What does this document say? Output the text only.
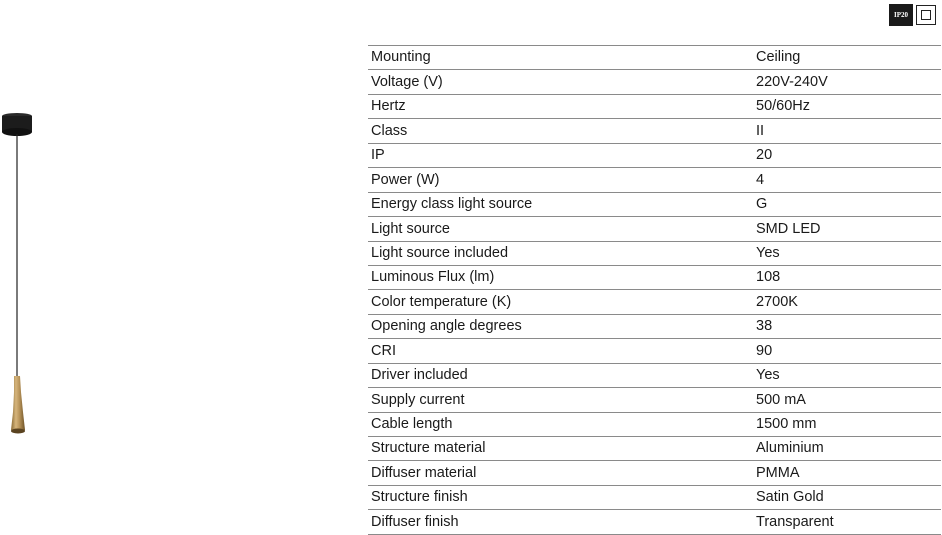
IP20
Mounting	Ceiling
Voltage (V)	220V-240V
Hertz	50/60Hz
Class	II
IP	20
Power (W)	4
Energy class light source	G
Light source	SMD LED
Light source included	Yes
Luminous Flux (lm)	108
Color temperature (K)	2700K
Opening angle degrees	38
CRI	90
Driver included	Yes
Supply current	500 mA
Cable length	1500 mm
Structure material	Aluminium
Diffuser material	PMMA
Structure finish	Satin Gold
Diffuser finish	Transparent
